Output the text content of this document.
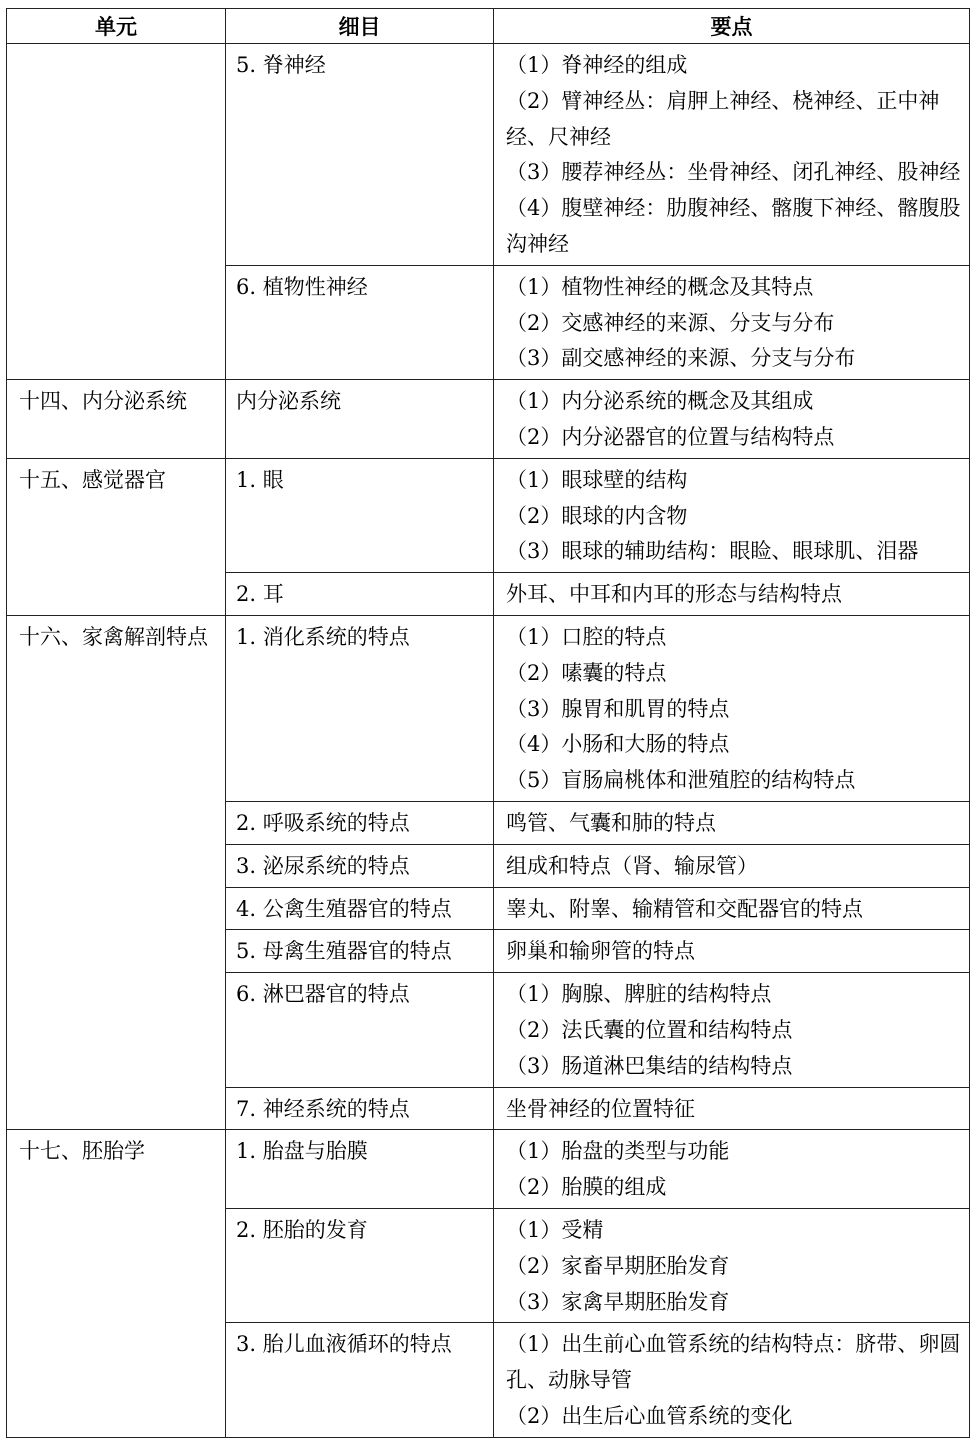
单元	细目	要点

	5. 脊神经	（1）脊神经的组成
（2）臂神经丛：肩胛上神经、桡神经、正中神经、尺神经
（3）腰荐神经丛：坐骨神经、闭孔神经、股神经
（4）腹壁神经：肋腹神经、髂腹下神经、髂腹股沟神经

	6. 植物性神经	（1）植物性神经的概念及其特点
（2）交感神经的来源、分支与分布
（3）副交感神经的来源、分支与分布

十四、内分泌系统	内分泌系统	（1）内分泌系统的概念及其组成
（2）内分泌器官的位置与结构特点

十五、感觉器官	1. 眼	（1）眼球壁的结构
（2）眼球的内含物
（3）眼球的辅助结构：眼睑、眼球肌、泪器

	2. 耳	外耳、中耳和内耳的形态与结构特点

十六、家禽解剖特点	1. 消化系统的特点	（1）口腔的特点
（2）嗉囊的特点
（3）腺胃和肌胃的特点
（4）小肠和大肠的特点
（5）盲肠扁桃体和泄殖腔的结构特点

	2. 呼吸系统的特点	鸣管、气囊和肺的特点

	3. 泌尿系统的特点	组成和特点（肾、输尿管）

	4. 公禽生殖器官的特点	睾丸、附睾、输精管和交配器官的特点

	5. 母禽生殖器官的特点	卵巢和输卵管的特点

	6. 淋巴器官的特点	（1）胸腺、脾脏的结构特点
（2）法氏囊的位置和结构特点
（3）肠道淋巴集结的结构特点

	7. 神经系统的特点	坐骨神经的位置特征

十七、胚胎学	1. 胎盘与胎膜	（1）胎盘的类型与功能
（2）胎膜的组成

	2. 胚胎的发育	（1）受精
（2）家畜早期胚胎发育
（3）家禽早期胚胎发育

	3. 胎儿血液循环的特点	（1）出生前心血管系统的结构特点：脐带、卵圆孔、动脉导管
（2）出生后心血管系统的变化
